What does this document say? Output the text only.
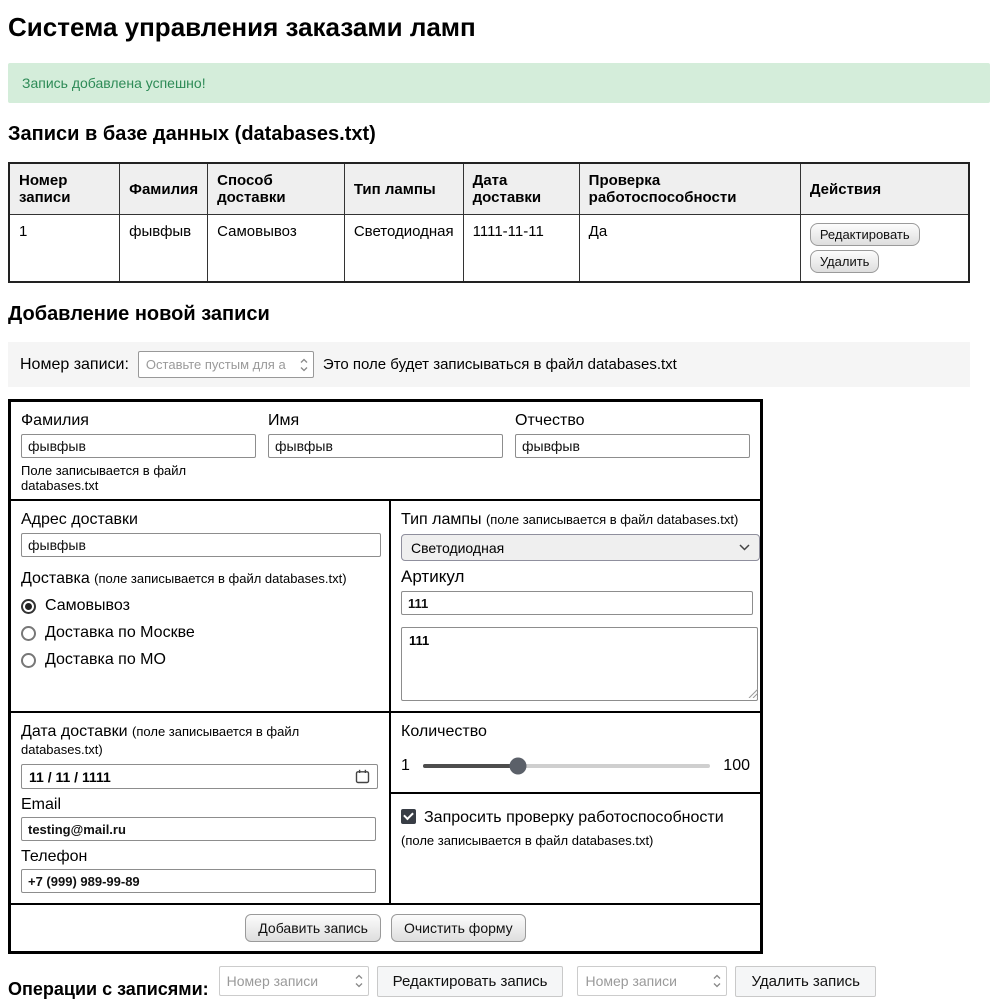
Система управления заказами ламп
Запись добавлена успешно!
Записи в базе данных (databases.txt)
Номер записи	Фамилия	Способ доставки	Тип лампы	Дата доставки	Проверка работоспособности	Действия
1	фывфыв	Самовывоз	Светодиодная	1111-11-11	Да	Редактировать
Удалить
Добавление новой записи
Номер записи:
Оставьте пустым для а	Это поле будет записываться в файл databases.txt
Фамилия
фывфыв
Поле записывается в файл databases.txt
Имя
фывфыв	Отчество
фывфыв
Адрес доставки
фывфыв
Доставка (поле записывается в файл databases.txt)
Самовывоз
Доставка по Москве
Доставка по МО
Тип лампы (поле записывается в файл databases.txt)
Светодиодная
Артикул
111
111
Дата доставки (поле записывается в файл databases.txt)
11 / 11 / 1111
Email
testing@mail.ru
Телефон
+7 (999) 989-99-89
Количество
1	100
Запросить проверку работоспособности (поле записывается в файл databases.txt)
Добавить запись	Очистить форму
Операции с записями:
Номер записи	Редактировать запись
Номер записи	Удалить запись
